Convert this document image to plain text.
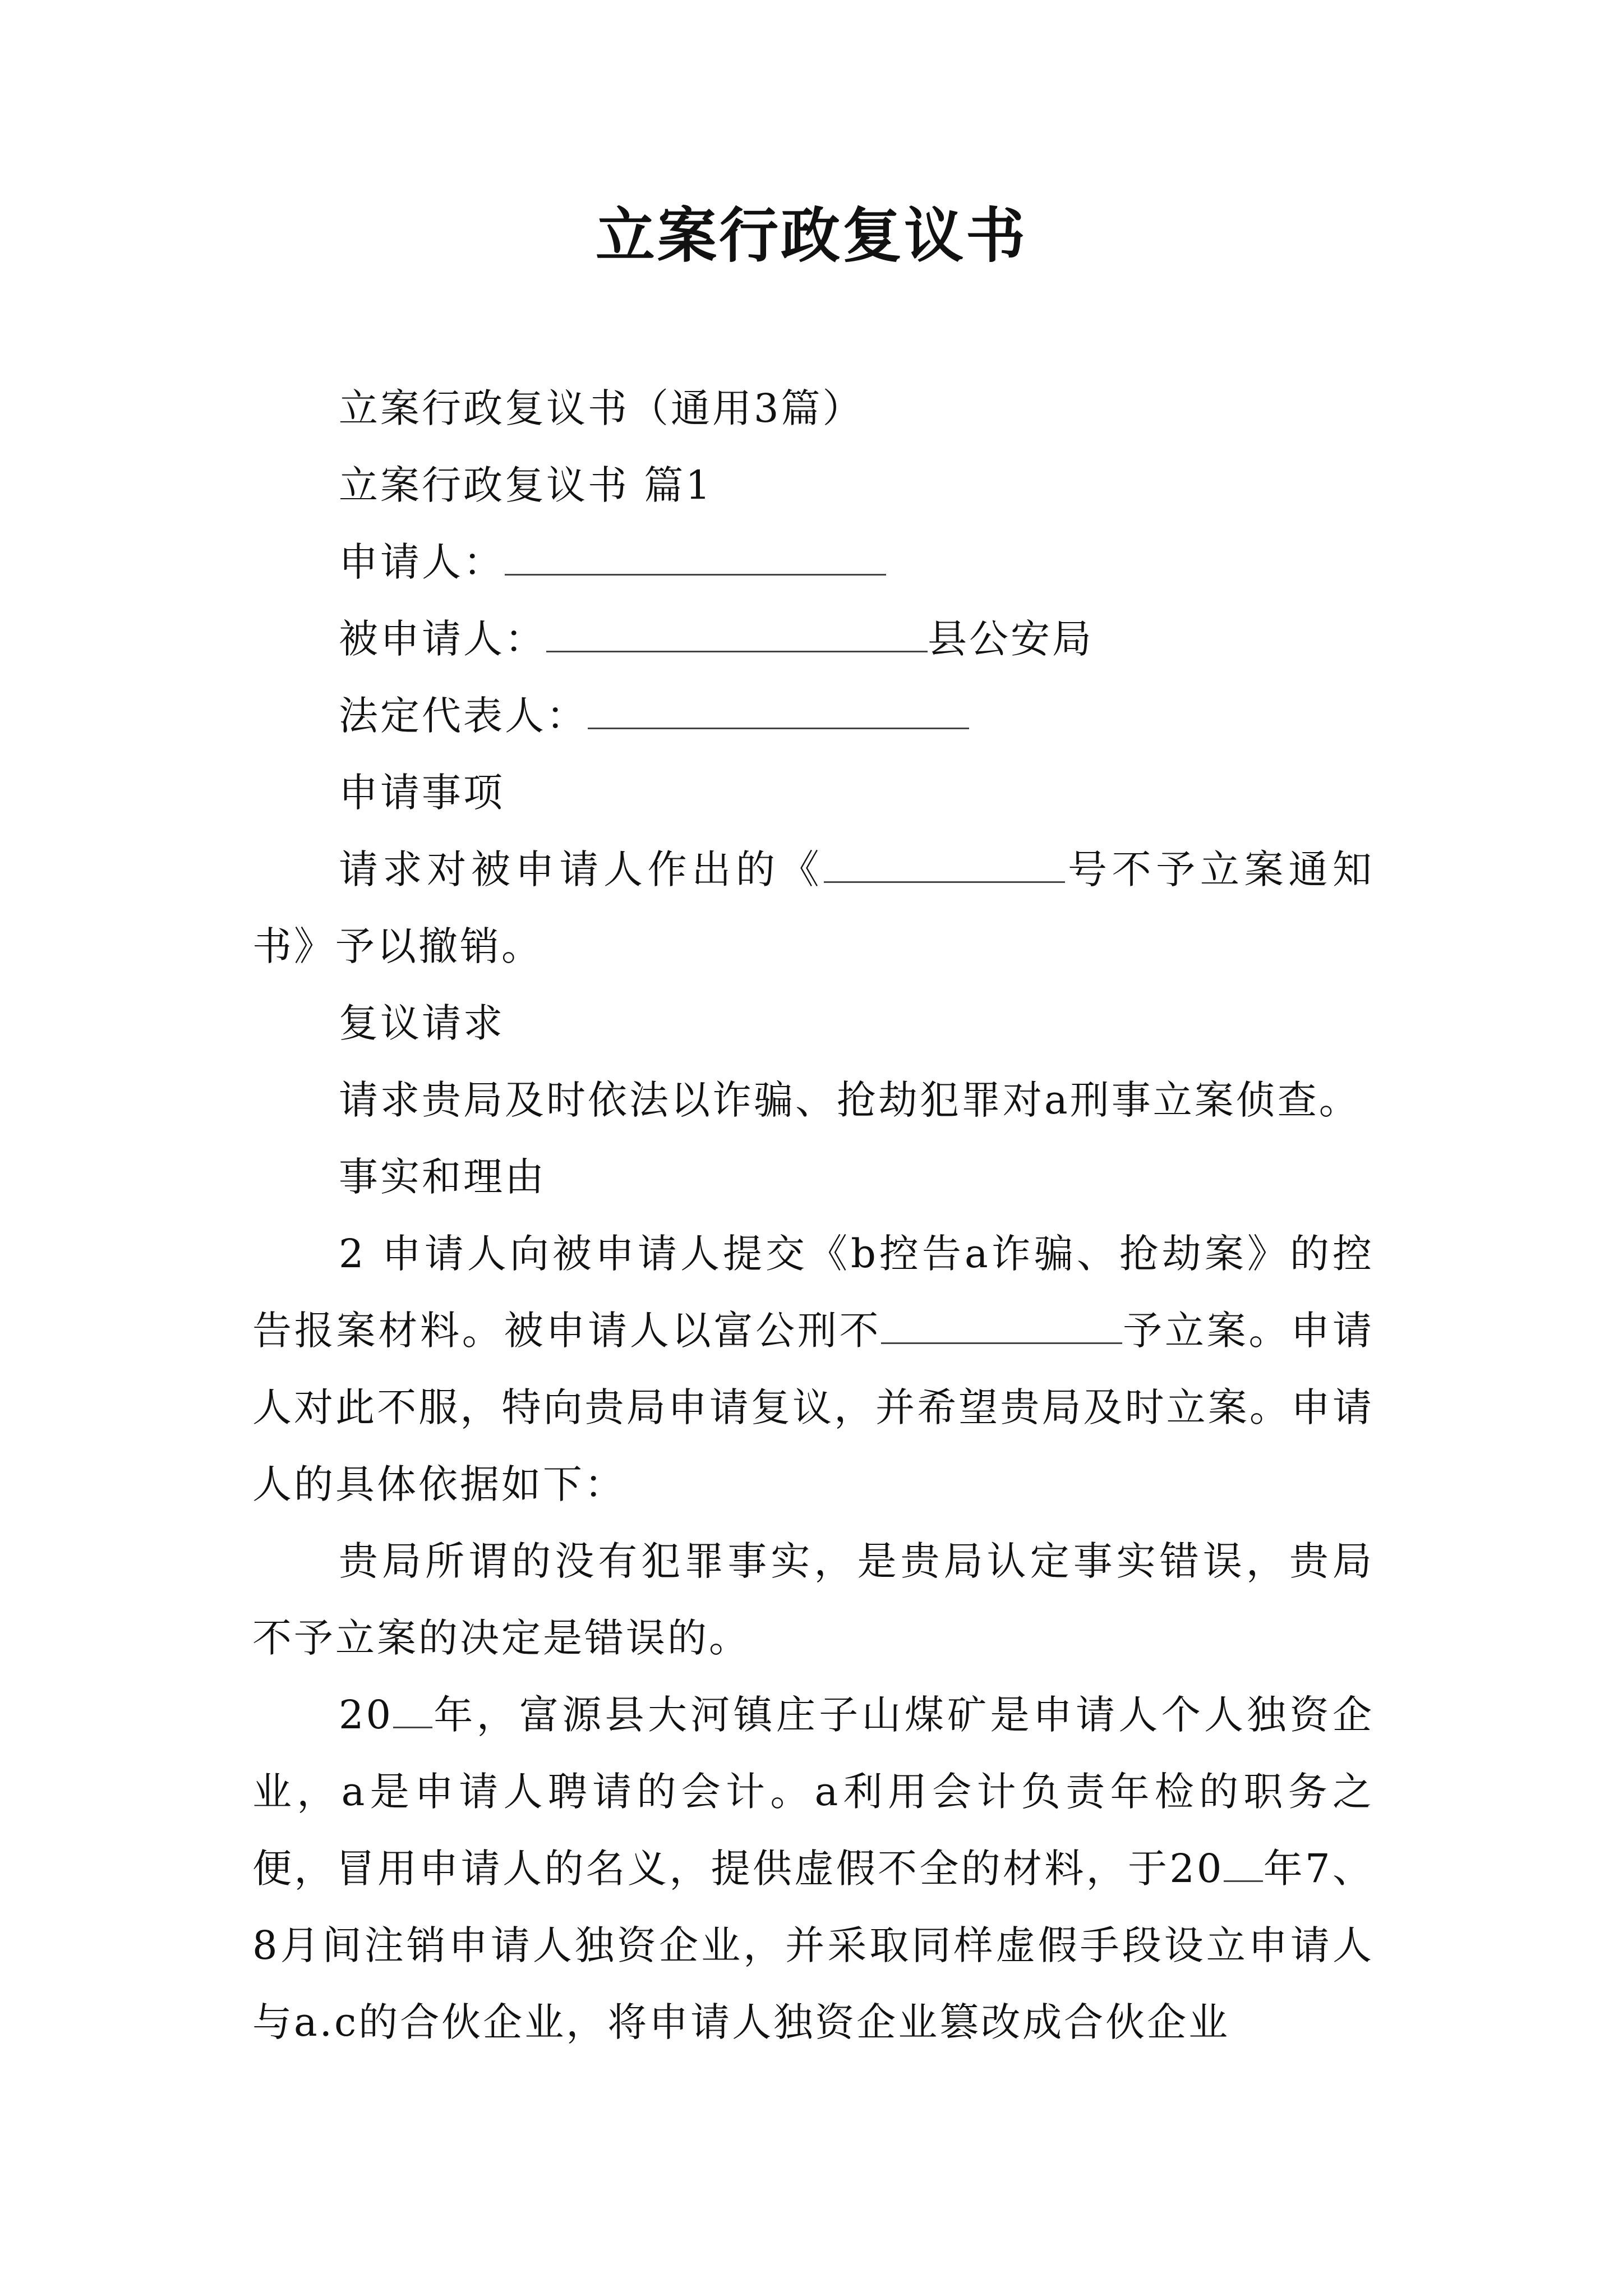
立案行政复议书

立案行政复议书（通用3篇）

立案行政复议书 篇1

申请人：

被申请人：	县公安局

法定代表人：

申请事项

请求对被申请人作出的《	号不予立案通知书》予以撤销。

复议请求

请求贵局及时依法以诈骗、抢劫犯罪对a刑事立案侦查。

事实和理由

2 申请人向被申请人提交《b控告a诈骗、抢劫案》的控告报案材料。被申请人以富公刑不	予立案。申请人对此不服，特向贵局申请复议，并希望贵局及时立案。申请人的具体依据如下：

贵局所谓的没有犯罪事实，是贵局认定事实错误，贵局不予立案的决定是错误的。

20 年，富源县大河镇庄子山煤矿是申请人个人独资企业，a是申请人聘请的会计。a利用会计负责年检的职务之便，冒用申请人的名义，提供虚假不全的材料，于20 年7、8月间注销申请人独资企业，并采取同样虚假手段设立申请人与a.c的合伙企业，将申请人独资企业篡改成合伙企业
